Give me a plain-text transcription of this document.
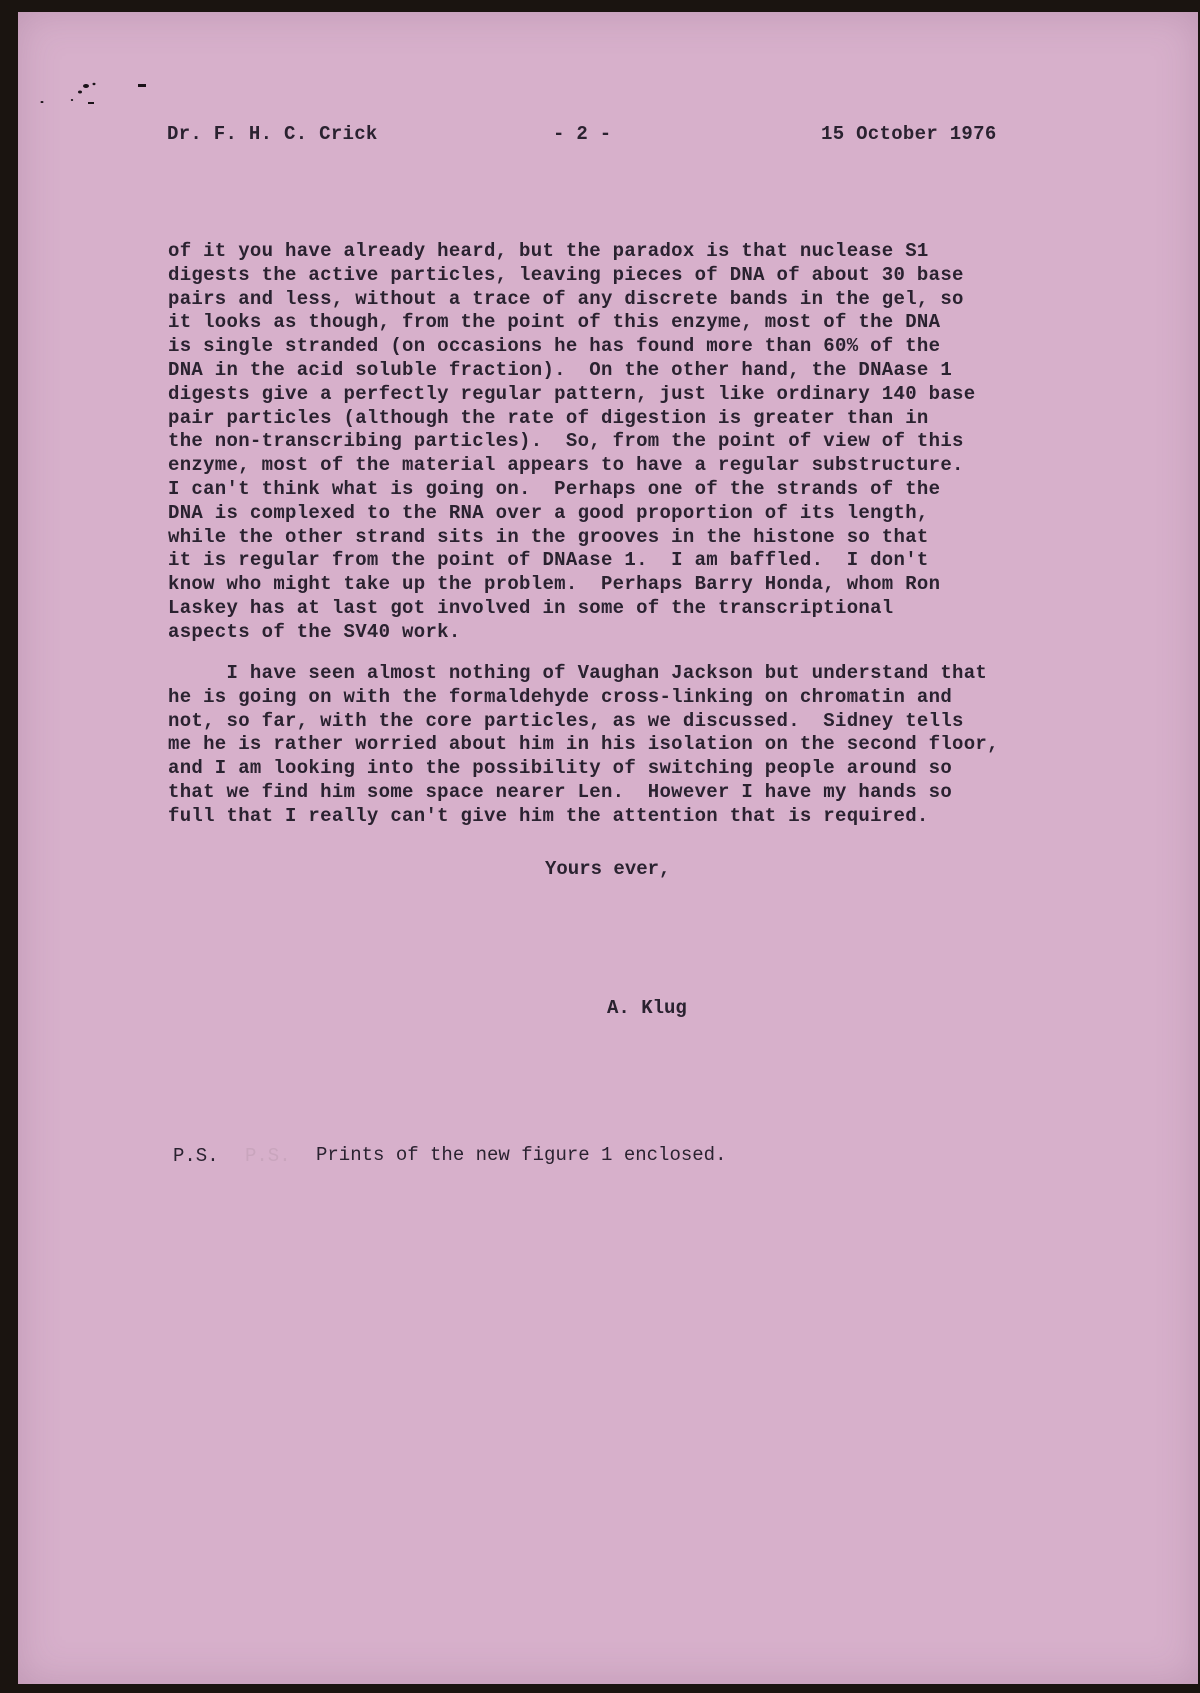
Dr. F. H. C. Crick	- 2 -	15 October 1976
of it you have already heard, but the paradox is that nuclease S1
digests the active particles, leaving pieces of DNA of about 30 base
pairs and less, without a trace of any discrete bands in the gel, so
it looks as though, from the point of this enzyme, most of the DNA
is single stranded (on occasions he has found more than 60% of the
DNA in the acid soluble fraction).  On the other hand, the DNAase 1
digests give a perfectly regular pattern, just like ordinary 140 base
pair particles (although the rate of digestion is greater than in
the non-transcribing particles).  So, from the point of view of this
enzyme, most of the material appears to have a regular substructure.
I can't think what is going on.  Perhaps one of the strands of the
DNA is complexed to the RNA over a good proportion of its length,
while the other strand sits in the grooves in the histone so that
it is regular from the point of DNAase 1.  I am baffled.  I don't
know who might take up the problem.  Perhaps Barry Honda, whom Ron
Laskey has at last got involved in some of the transcriptional
aspects of the SV40 work.
I have seen almost nothing of Vaughan Jackson but understand that
he is going on with the formaldehyde cross-linking on chromatin and
not, so far, with the core particles, as we discussed.  Sidney tells
me he is rather worried about him in his isolation on the second floor,
and I am looking into the possibility of switching people around so
that we find him some space nearer Len.  However I have my hands so
full that I really can't give him the attention that is required.
Yours ever,
A. Klug
P.S. P.S. Prints of the new figure 1 enclosed.
